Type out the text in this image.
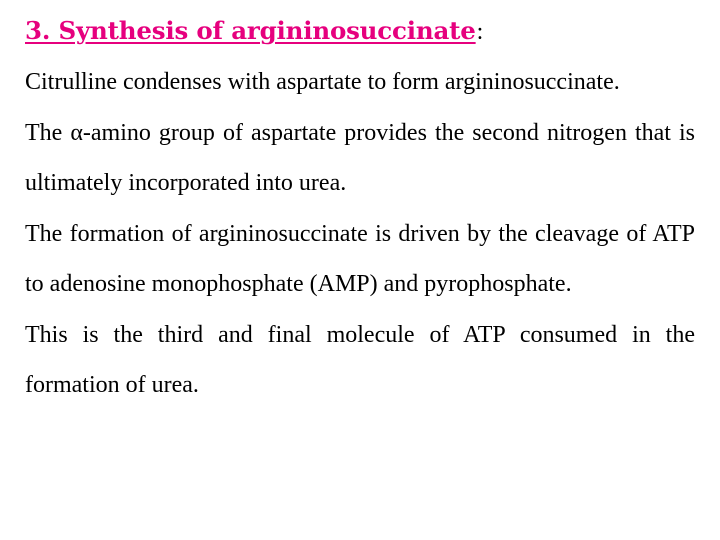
3. Synthesis of argininosuccinate:

Citrulline condenses with aspartate to form argininosuccinate.

The α-amino group of aspartate provides the second nitrogen that is ultimately incorporated into urea.

The formation of argininosuccinate is driven by the cleavage of ATP to adenosine monophosphate (AMP) and pyrophosphate.

This is the third and final molecule of ATP consumed in the formation of urea.
